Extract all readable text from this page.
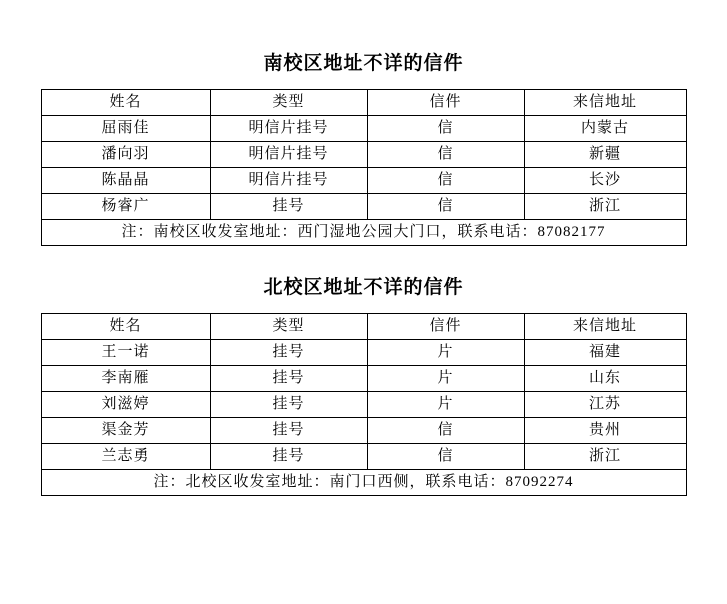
南校区地址不详的信件
姓名	类型	信件	来信地址
屈雨佳	明信片挂号	信	内蒙古
潘向羽	明信片挂号	信	新疆
陈晶晶	明信片挂号	信	长沙
杨睿广	挂号	信	浙江
注：南校区收发室地址：西门湿地公园大门口，联系电话：87082177			
北校区地址不详的信件
姓名	类型	信件	来信地址
王一诺	挂号	片	福建
李南雁	挂号	片	山东
刘滋婷	挂号	片	江苏
渠金芳	挂号	信	贵州
兰志勇	挂号	信	浙江
注：北校区收发室地址：南门口西侧，联系电话：87092274			
